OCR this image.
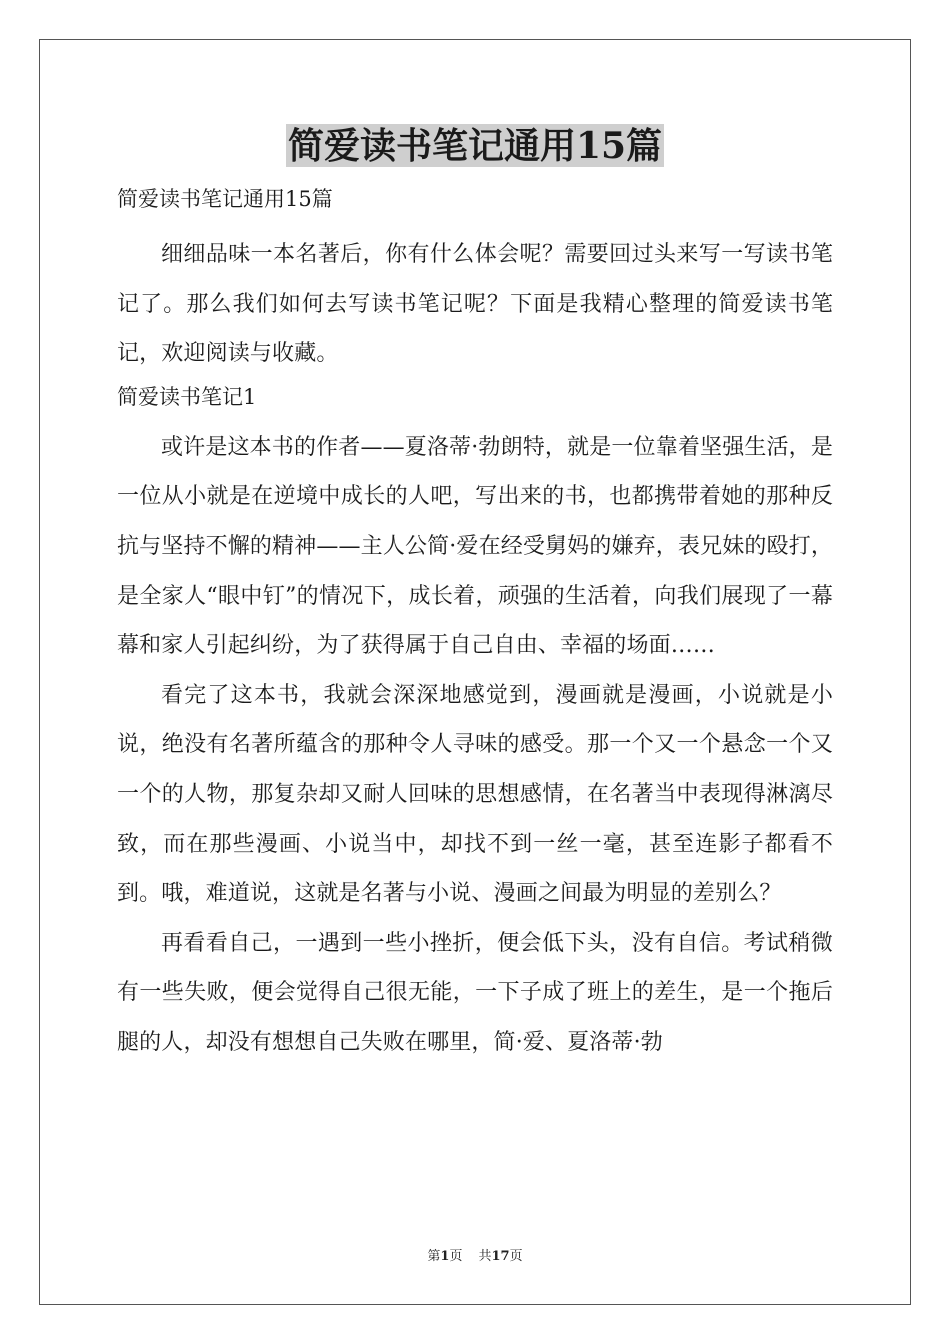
简爱读书笔记通用15篇

简爱读书笔记通用15篇

细细品味一本名著后，你有什么体会呢？需要回过头来写一写读书笔记了。那么我们如何去写读书笔记呢？下面是我精心整理的简爱读书笔记，欢迎阅读与收藏。

简爱读书笔记1

或许是这本书的作者——夏洛蒂·勃朗特，就是一位靠着坚强生活，是一位从小就是在逆境中成长的人吧，写出来的书，也都携带着她的那种反抗与坚持不懈的精神——主人公简·爱在经受舅妈的嫌弃，表兄妹的殴打，是全家人“眼中钉”的情况下，成长着，顽强的生活着，向我们展现了一幕幕和家人引起纠纷，为了获得属于自己自由、幸福的场面……

看完了这本书，我就会深深地感觉到，漫画就是漫画，小说就是小说，绝没有名著所蕴含的那种令人寻味的感受。那一个又一个悬念一个又一个的人物，那复杂却又耐人回味的思想感情，在名著当中表现得淋漓尽致，而在那些漫画、小说当中，却找不到一丝一毫，甚至连影子都看不到。哦，难道说，这就是名著与小说、漫画之间最为明显的差别么？

再看看自己，一遇到一些小挫折，便会低下头，没有自信。考试稍微有一些失败，便会觉得自己很无能，一下子成了班上的差生，是一个拖后腿的人，却没有想想自己失败在哪里，简·爱、夏洛蒂·勃

第1页 共17页
